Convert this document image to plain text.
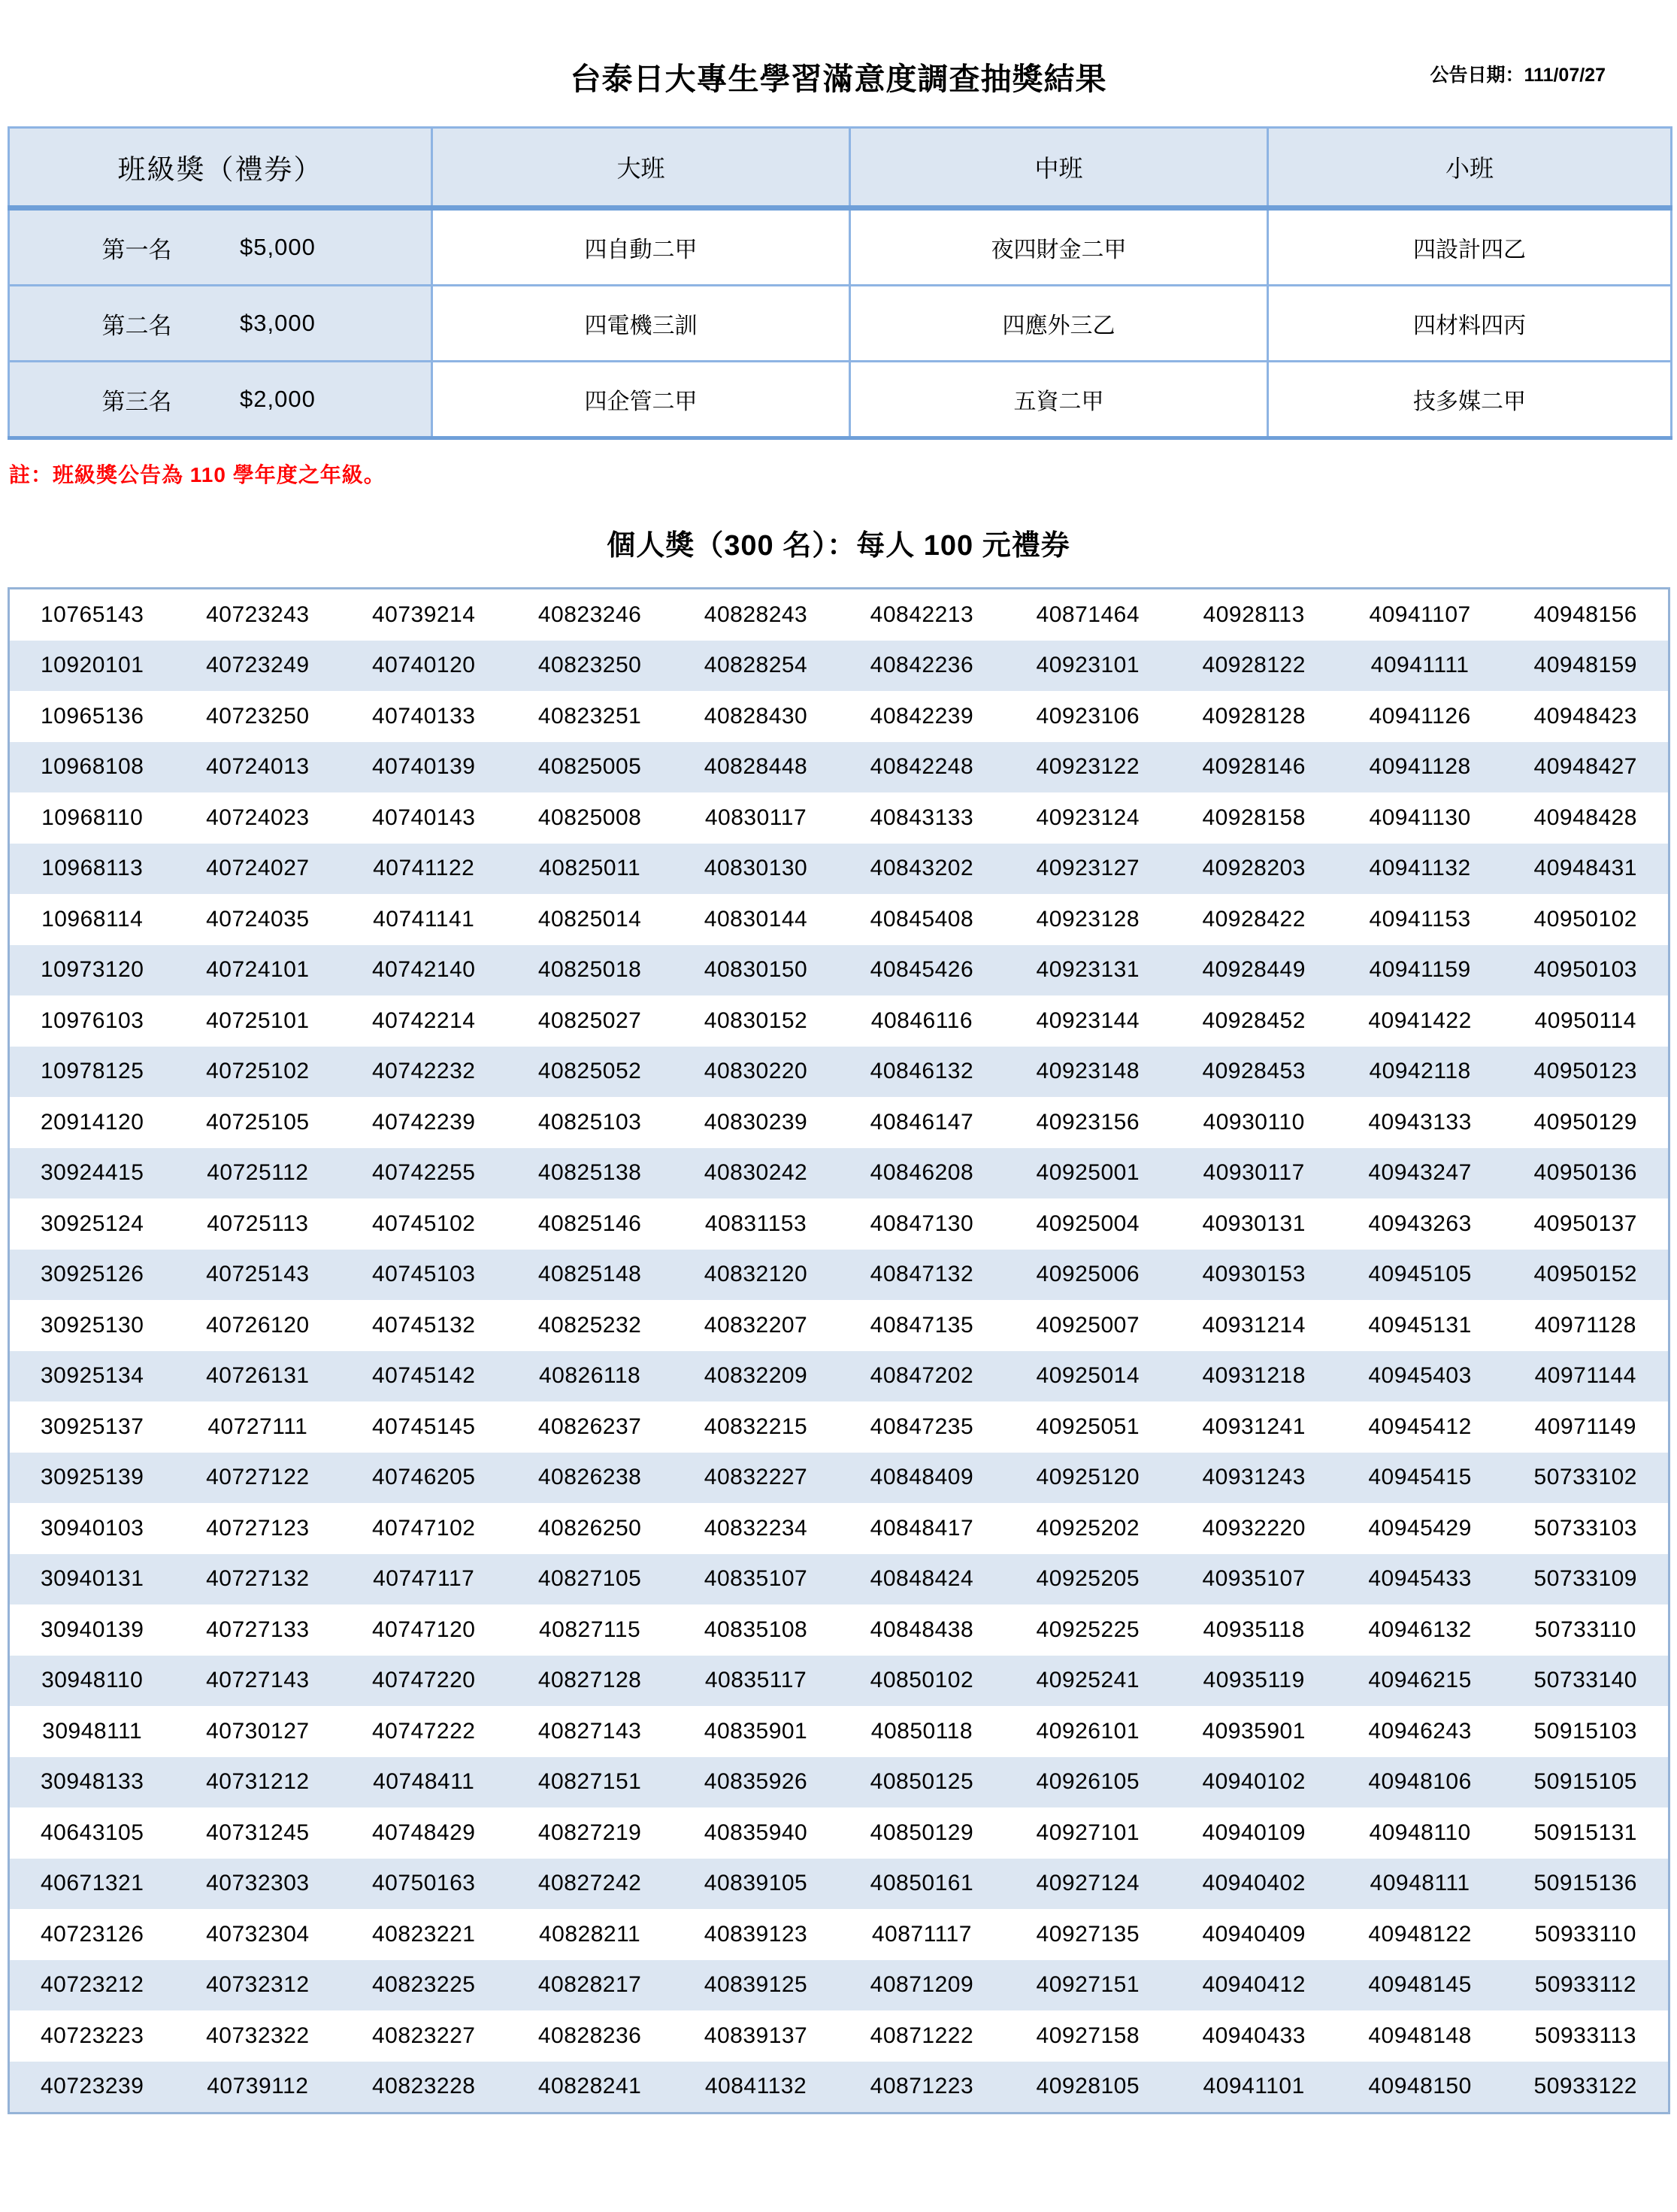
台泰日大專生學習滿意度調查抽獎結果	公告日期：111/07/27
班級獎（禮券）	大班	中班	小班

第一名 $5,000	四自動二甲	夜四財金二甲	四設計四乙

第二名 $3,000	四電機三訓	四應外三乙	四材料四丙

第三名 $2,000	四企管二甲	五資二甲	技多媒二甲
註：班級獎公告為 110 學年度之年級。
個人獎（300 名）：每人 100 元禮券
10765143	40723243	40739214	40823246	40828243	40842213	40871464	40928113	40941107	40948156
10920101	40723249	40740120	40823250	40828254	40842236	40923101	40928122	40941111	40948159
10965136	40723250	40740133	40823251	40828430	40842239	40923106	40928128	40941126	40948423
10968108	40724013	40740139	40825005	40828448	40842248	40923122	40928146	40941128	40948427
10968110	40724023	40740143	40825008	40830117	40843133	40923124	40928158	40941130	40948428
10968113	40724027	40741122	40825011	40830130	40843202	40923127	40928203	40941132	40948431
10968114	40724035	40741141	40825014	40830144	40845408	40923128	40928422	40941153	40950102
10973120	40724101	40742140	40825018	40830150	40845426	40923131	40928449	40941159	40950103
10976103	40725101	40742214	40825027	40830152	40846116	40923144	40928452	40941422	40950114
10978125	40725102	40742232	40825052	40830220	40846132	40923148	40928453	40942118	40950123
20914120	40725105	40742239	40825103	40830239	40846147	40923156	40930110	40943133	40950129
30924415	40725112	40742255	40825138	40830242	40846208	40925001	40930117	40943247	40950136
30925124	40725113	40745102	40825146	40831153	40847130	40925004	40930131	40943263	40950137
30925126	40725143	40745103	40825148	40832120	40847132	40925006	40930153	40945105	40950152
30925130	40726120	40745132	40825232	40832207	40847135	40925007	40931214	40945131	40971128
30925134	40726131	40745142	40826118	40832209	40847202	40925014	40931218	40945403	40971144
30925137	40727111	40745145	40826237	40832215	40847235	40925051	40931241	40945412	40971149
30925139	40727122	40746205	40826238	40832227	40848409	40925120	40931243	40945415	50733102
30940103	40727123	40747102	40826250	40832234	40848417	40925202	40932220	40945429	50733103
30940131	40727132	40747117	40827105	40835107	40848424	40925205	40935107	40945433	50733109
30940139	40727133	40747120	40827115	40835108	40848438	40925225	40935118	40946132	50733110
30948110	40727143	40747220	40827128	40835117	40850102	40925241	40935119	40946215	50733140
30948111	40730127	40747222	40827143	40835901	40850118	40926101	40935901	40946243	50915103
30948133	40731212	40748411	40827151	40835926	40850125	40926105	40940102	40948106	50915105
40643105	40731245	40748429	40827219	40835940	40850129	40927101	40940109	40948110	50915131
40671321	40732303	40750163	40827242	40839105	40850161	40927124	40940402	40948111	50915136
40723126	40732304	40823221	40828211	40839123	40871117	40927135	40940409	40948122	50933110
40723212	40732312	40823225	40828217	40839125	40871209	40927151	40940412	40948145	50933112
40723223	40732322	40823227	40828236	40839137	40871222	40927158	40940433	40948148	50933113
40723239	40739112	40823228	40828241	40841132	40871223	40928105	40941101	40948150	50933122
